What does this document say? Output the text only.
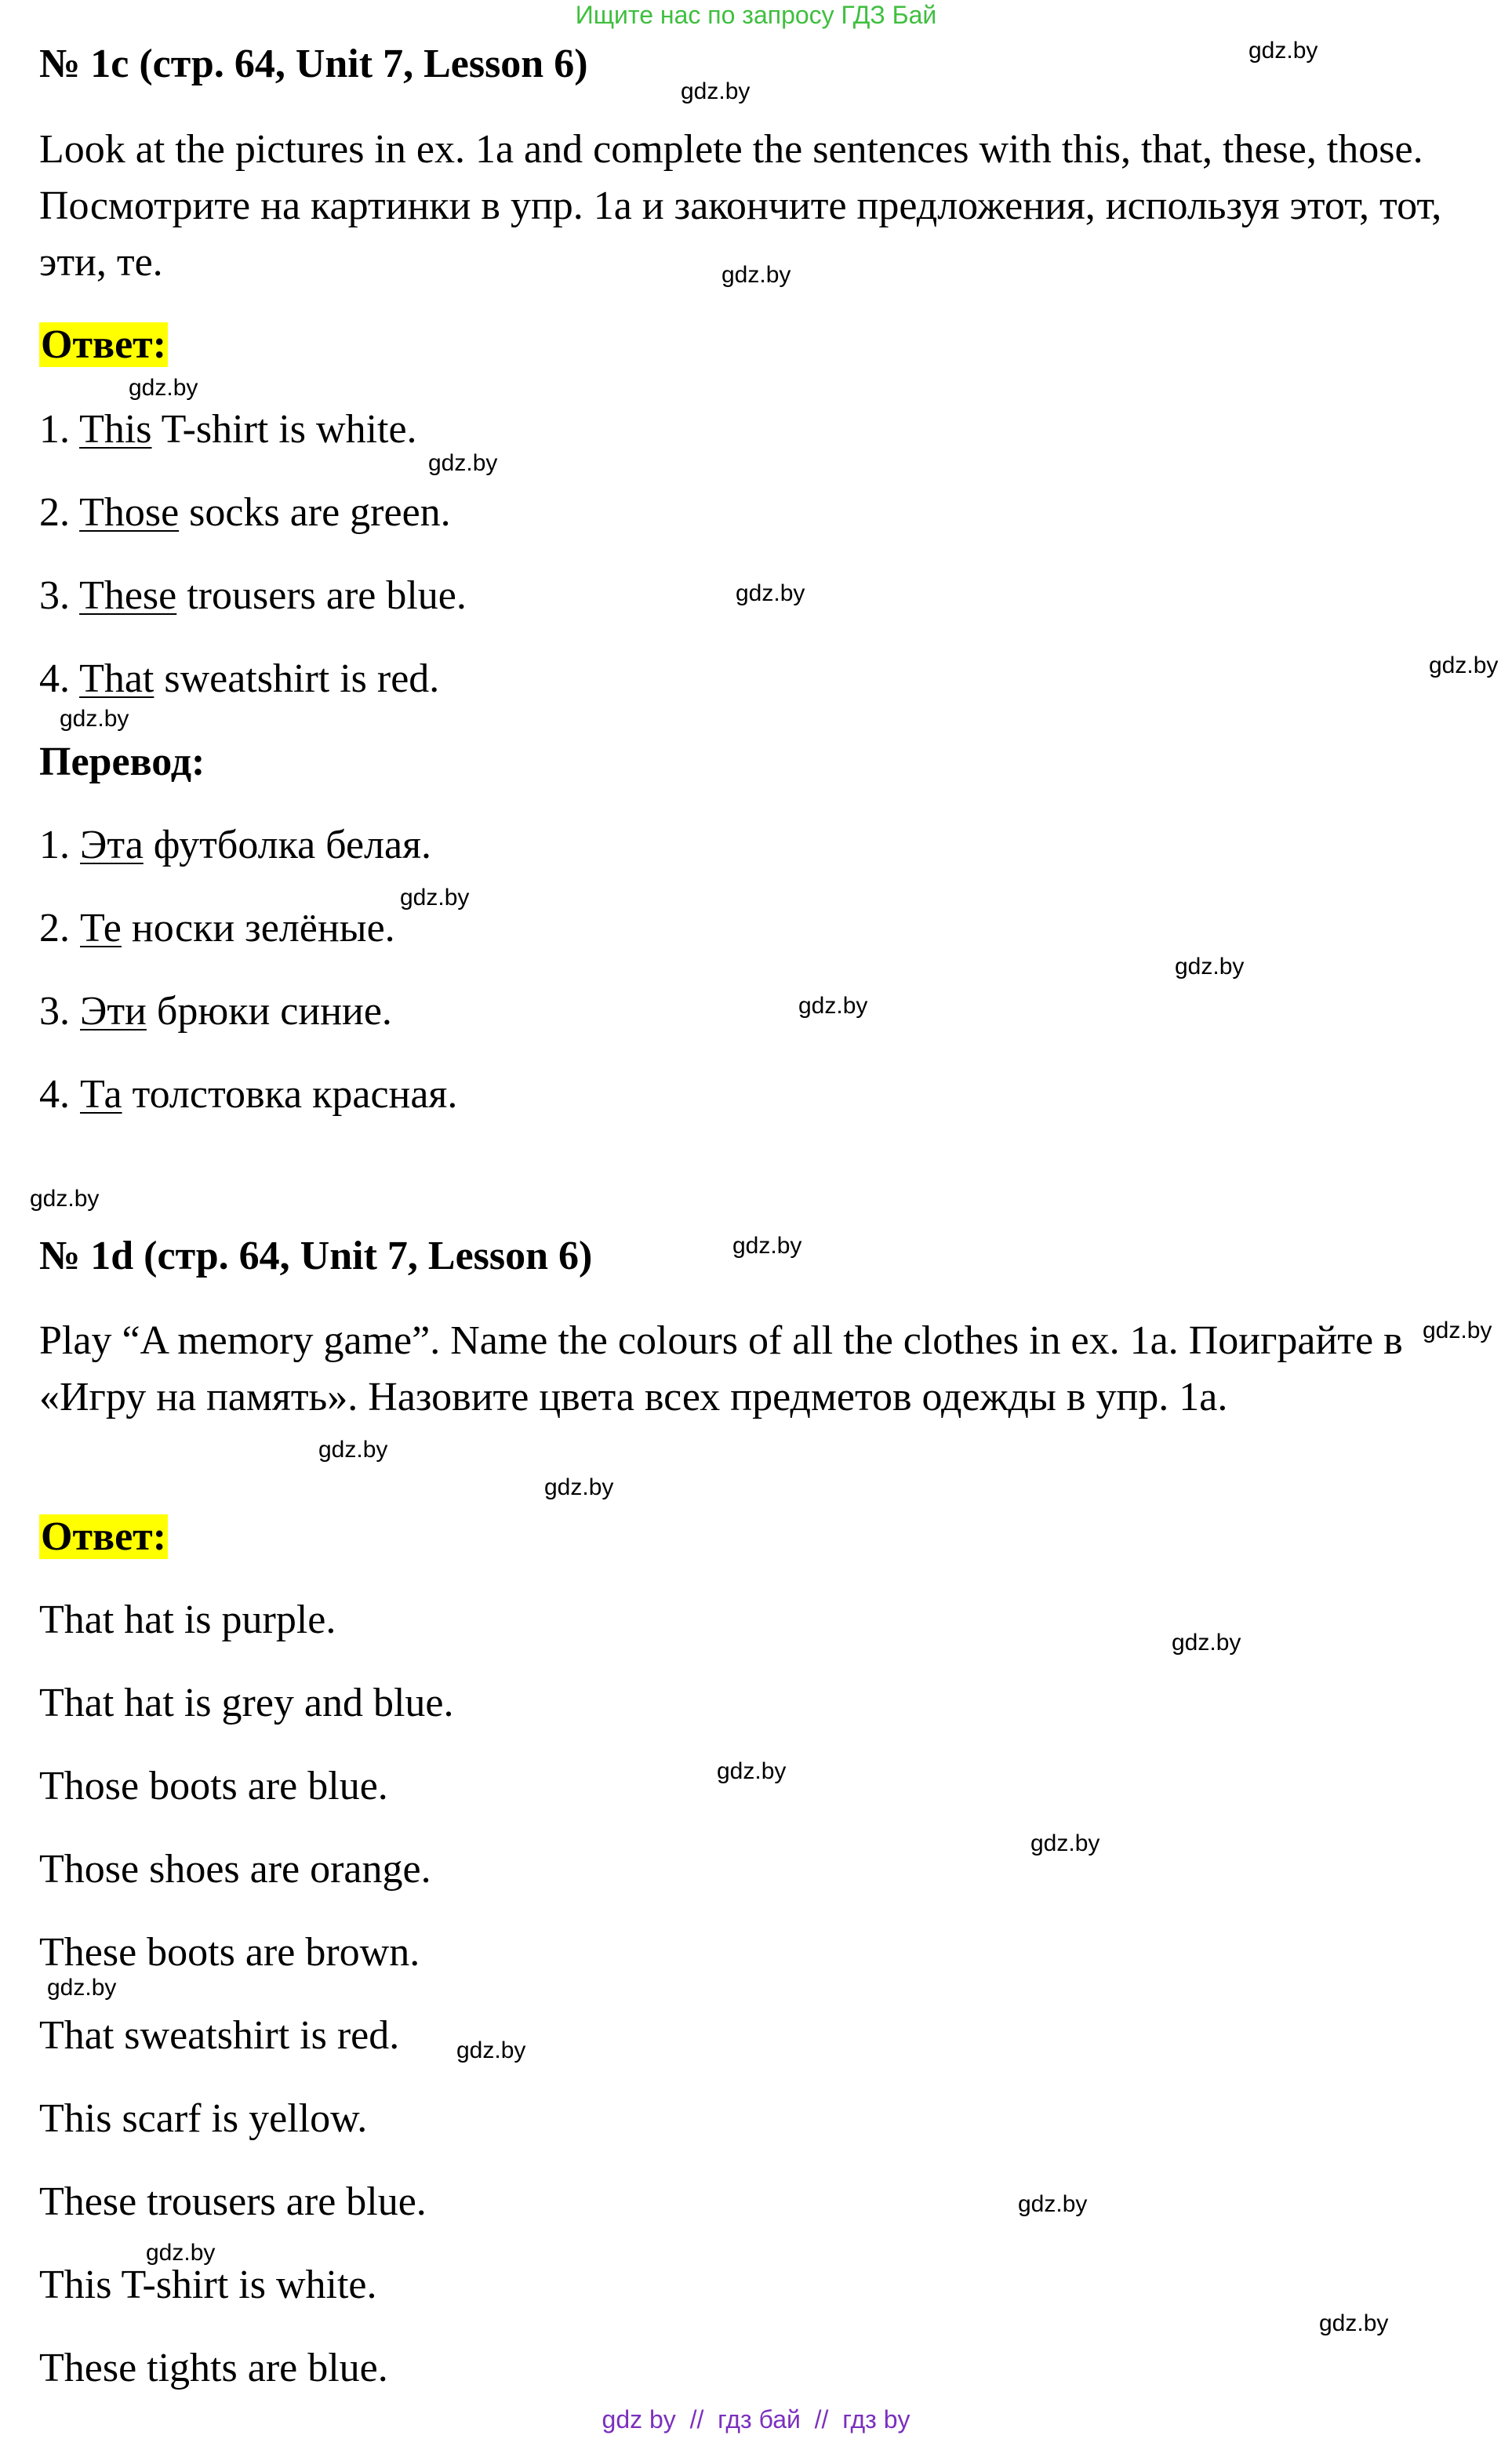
Ищите нас по запросу ГДЗ Бай
№ 1с (стр. 64, Unit 7, Lesson 6)
Look at the pictures in ex. 1a and complete the sentences with this, that, these, those. Посмотрите на картинки в упр. 1а и закончите предложения, используя этот, тот, эти, те.
Ответ:
1. This T-shirt is white.
2. Those socks are green.
3. These trousers are blue.
4. That sweatshirt is red.
Перевод:
1. Эта футболка белая.
2. Те носки зелёные.
3. Эти брюки синие.
4. Та толстовка красная.
№ 1d (стр. 64, Unit 7, Lesson 6)
Play “A memory game”. Name the colours of all the clothes in ex. 1a. Поиграйте в «Игру на память». Назовите цвета всех предметов одежды в упр. 1а.
Ответ:
That hat is purple.
That hat is grey and blue.
Those boots are blue.
Those shoes are orange.
These boots are brown.
That sweatshirt is red.
This scarf is yellow.
These trousers are blue.
This T-shirt is white.
These tights are blue.
gdz by  //  гдз бай  //  гдз by
gdz.by
gdz.by
gdz.by
gdz.by
gdz.by
gdz.by
gdz.by
gdz.by
gdz.by
gdz.by
gdz.by
gdz.by
gdz.by
gdz.by
gdz.by
gdz.by
gdz.by
gdz.by
gdz.by
gdz.by
gdz.by
gdz.by
gdz.by
gdz.by
